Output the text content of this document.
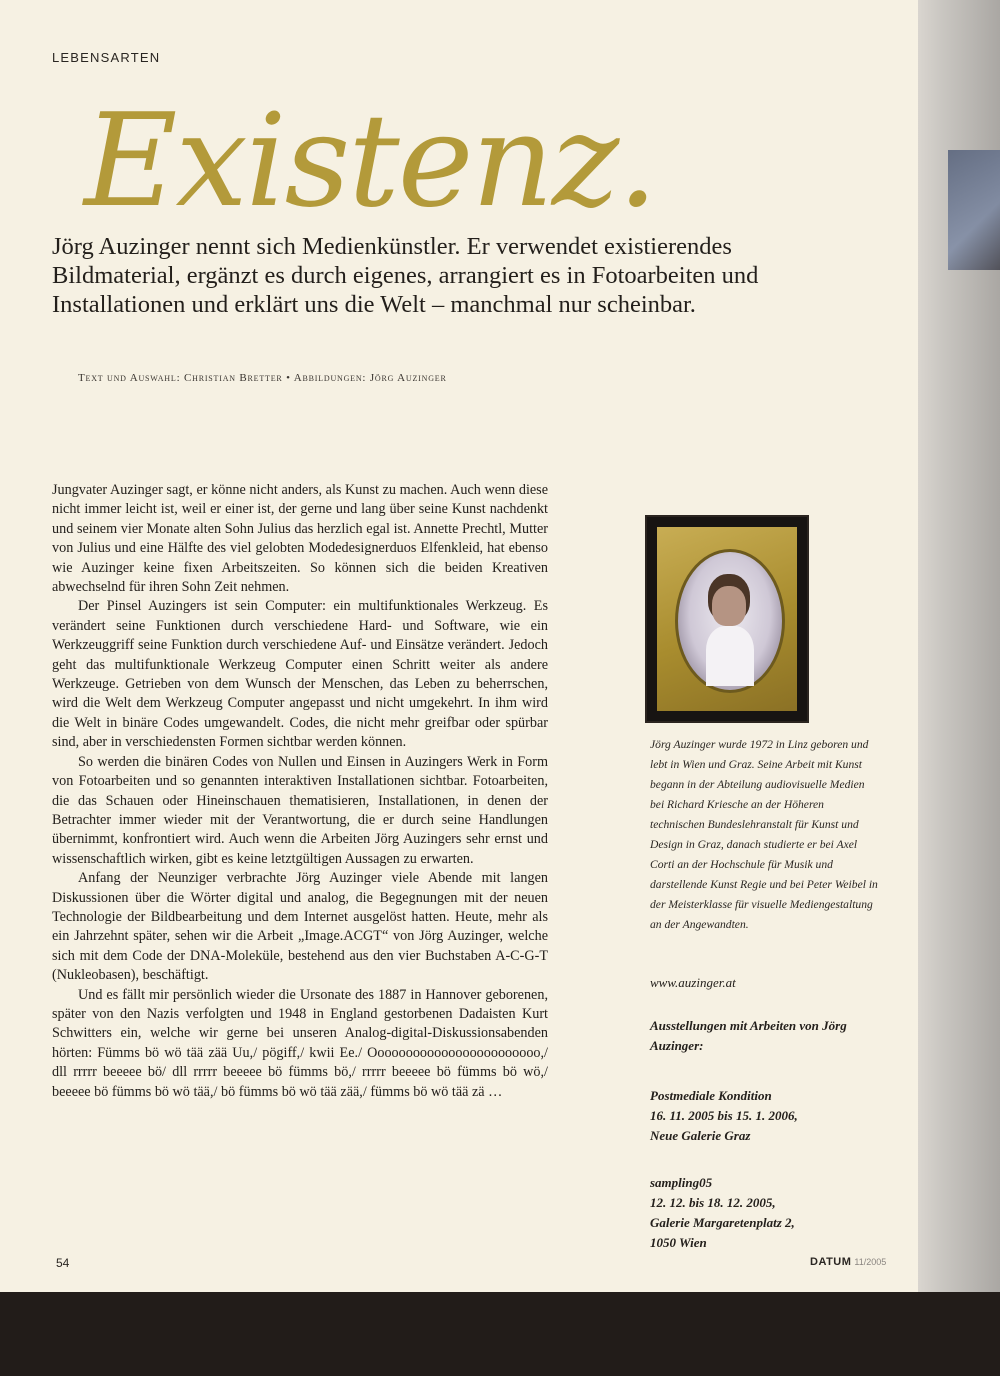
LEBENSARTEN
Existenz.
Jörg Auzinger nennt sich Medienkünstler. Er verwendet existierendes Bildmaterial, ergänzt es durch eigenes, arrangiert es in Fotoarbeiten und Installationen und erklärt uns die Welt – manchmal nur scheinbar.
Text und Auswahl: Christian Bretter • Abbildungen: Jörg Auzinger

Jungvater Auzinger sagt, er könne nicht anders, als Kunst zu machen. Auch wenn diese nicht immer leicht ist, weil er einer ist, der gerne und lang über seine Kunst nachdenkt und seinem vier Monate alten Sohn Julius das herzlich egal ist. Annette Prechtl, Mutter von Julius und eine Hälfte des viel gelobten Modedesignerduos Elfenkleid, hat ebenso wie Auzinger keine fixen Arbeitszeiten. So können sich die beiden Kreativen abwechselnd für ihren Sohn Zeit nehmen.

Der Pinsel Auzingers ist sein Computer: ein multifunktionales Werkzeug. Es verändert seine Funktionen durch verschiedene Hard- und Software, wie ein Werkzeuggriff seine Funktion durch verschiedene Auf- und Einsätze verändert. Jedoch geht das multifunktionale Werkzeug Computer einen Schritt weiter als andere Werkzeuge. Getrieben von dem Wunsch der Menschen, das Leben zu beherrschen, wird die Welt dem Werkzeug Computer angepasst und nicht umgekehrt. In ihm wird die Welt in binäre Codes umgewandelt. Codes, die nicht mehr greifbar oder spürbar sind, aber in verschiedensten Formen sichtbar werden können.

So werden die binären Codes von Nullen und Einsen in Auzingers Werk in Form von Fotoarbeiten und so genannten interaktiven Installationen sichtbar. Fotoarbeiten, die das Schauen oder Hineinschauen thematisieren, Installationen, in denen der Betrachter immer wieder mit der Verantwortung, die er durch seine Handlungen übernimmt, konfrontiert wird. Auch wenn die Arbeiten Jörg Auzingers sehr ernst und wissenschaftlich wirken, gibt es keine letztgültigen Aussagen zu erwarten.

Anfang der Neunziger verbrachte Jörg Auzinger viele Abende mit langen Diskussionen über die Wörter digital und analog, die Begegnungen mit der neuen Technologie der Bildbearbeitung und dem Internet ausgelöst hatten. Heute, mehr als ein Jahrzehnt später, sehen wir die Arbeit „Image.ACGT“ von Jörg Auzinger, welche sich mit dem Code der DNA-Moleküle, bestehend aus den vier Buchstaben A-C-G-T (Nukleobasen), beschäftigt.

Und es fällt mir persönlich wieder die Ursonate des 1887 in Hannover geborenen, später von den Nazis verfolgten und 1948 in England gestorbenen Dadaisten Kurt Schwitters ein, welche wir gerne bei unseren Analog-digital-Diskussionsabenden hörten: Fümms bö wö tää zää Uu,/ pögiff,/ kwii Ee./ Oooooooooooooooooooooooo,/ dll rrrrr beeeee bö/ dll rrrrr beeeee bö fümms bö,/ rrrrr beeeee bö fümms bö wö,/ beeeee bö fümms bö wö tää,/ bö fümms bö wö tää zää,/ fümms bö wö tää zä …

Jörg Auzinger wurde 1972 in Linz geboren und lebt in Wien und Graz. Seine Arbeit mit Kunst begann in der Abteilung audiovisuelle Medien bei Richard Kriesche an der Höheren technischen Bundeslehranstalt für Kunst und Design in Graz, danach studierte er bei Axel Corti an der Hochschule für Musik und darstellende Kunst Regie und bei Peter Weibel in der Meisterklasse für visuelle Mediengestaltung an der Angewandten.
www.auzinger.at
Ausstellungen mit Arbeiten von Jörg Auzinger:
Postmediale Kondition
16. 11. 2005 bis 15. 1. 2006,
Neue Galerie Graz
sampling05
12. 12. bis 18. 12. 2005,
Galerie Margaretenplatz 2,
1050 Wien
54	DATUM 11/2005
